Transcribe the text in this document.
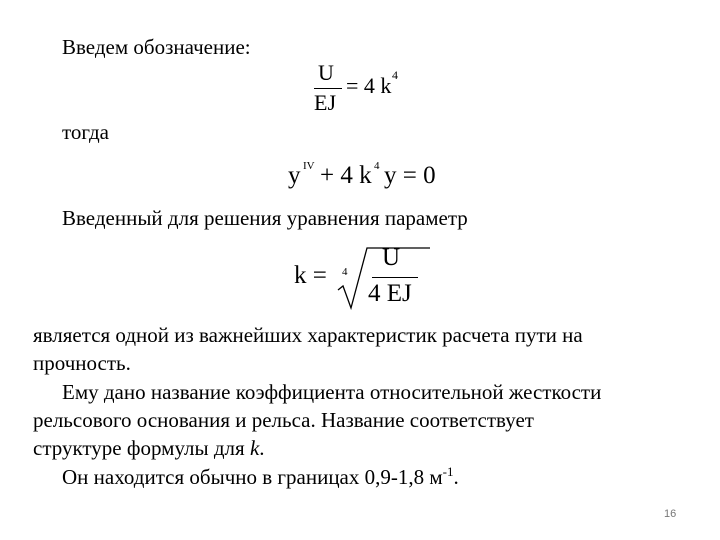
Введем обозначение:
U
EJ
= 4 k 4
тогда
y IV + 4 k 4 y = 0
Введенный для решения уравнения параметр
k = 4
U
4 EJ
является одной из важнейших характеристик расчета пути на
прочность.
Ему дано название коэффициента относительной жесткости
рельсового основания и рельса. Название соответствует
структуре формулы для k.
Он находится обычно в границах 0,9-1,8 $м^{-1}$.
16
